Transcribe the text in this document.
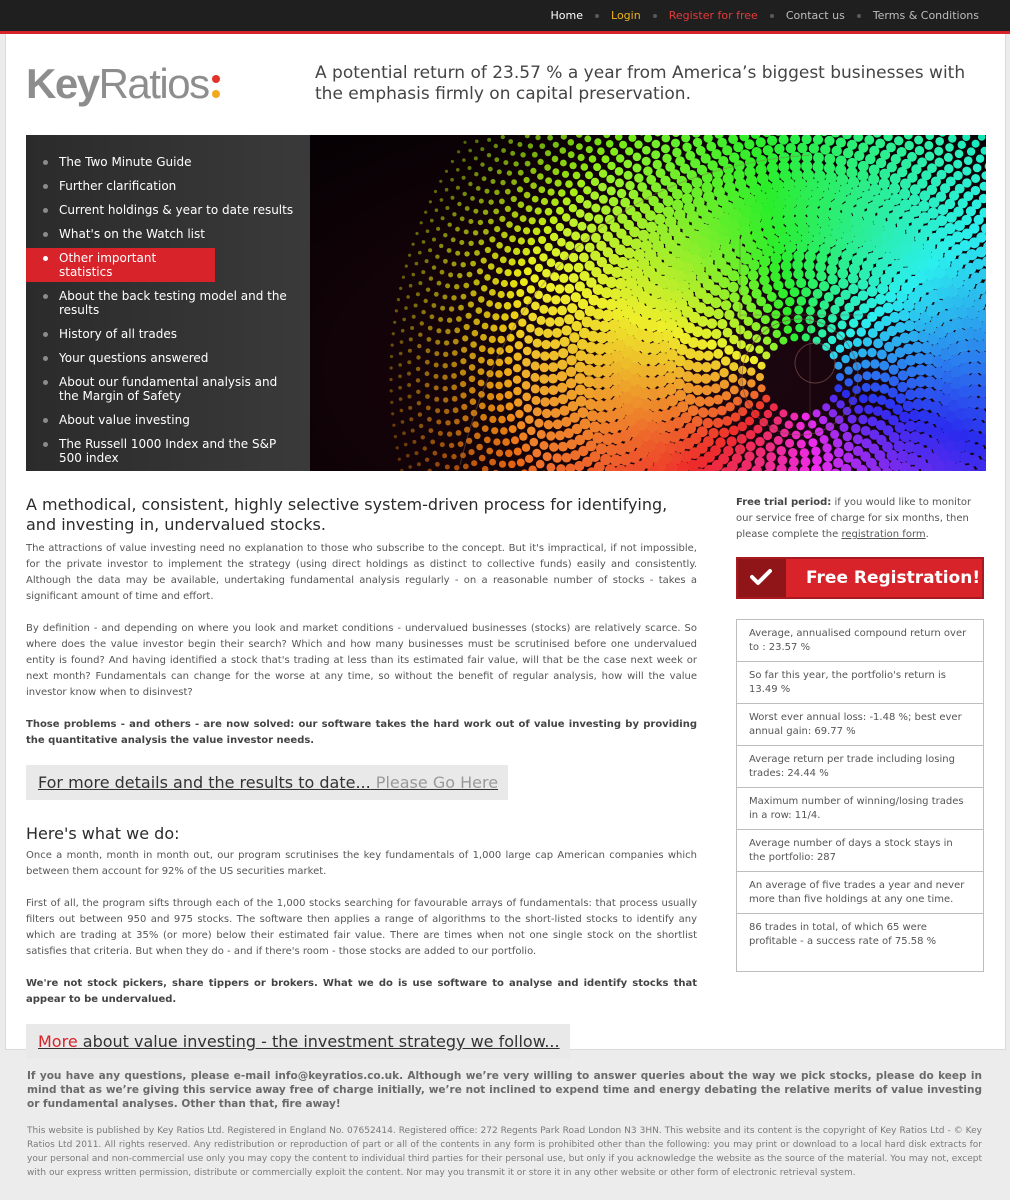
Home	Login	Register for free	Contact us	Terms & Conditions
KeyRatios	A potential return of 23.57 % a year from America’s biggest businesses with the emphasis firmly on capital preservation.
The Two Minute Guide
Further clarification
Current holdings & year to date results
What's on the Watch list
Other important statistics
About the back testing model and the results
History of all trades
Your questions answered
About our fundamental analysis and the Margin of Safety
About value investing
The Russell 1000 Index and the S&P 500 index
A methodical, consistent, highly selective system-driven process for identifying, and investing in, undervalued stocks.

The attractions of value investing need no explanation to those who subscribe to the concept. But it's impractical, if not impossible, for the private investor to implement the strategy (using direct holdings as distinct to collective funds) easily and consistently. Although the data may be available, undertaking fundamental analysis regularly - on a reasonable number of stocks - takes a significant amount of time and effort.

By definition - and depending on where you look and market conditions - undervalued businesses (stocks) are relatively scarce. So where does the value investor begin their search? Which and how many businesses must be scrutinised before one undervalued entity is found? And having identified a stock that's trading at less than its estimated fair value, will that be the case next week or next month? Fundamentals can change for the worse at any time, so without the benefit of regular analysis, how will the value investor know when to disinvest?

Those problems - and others - are now solved: our software takes the hard work out of value investing by providing the quantitative analysis the value investor needs.

For more details and the results to date... Please Go Here
Here's what we do:

Once a month, month in month out, our program scrutinises the key fundamentals of 1,000 large cap American companies which between them account for 92% of the US securities market.

First of all, the program sifts through each of the 1,000 stocks searching for favourable arrays of fundamentals: that process usually filters out between 950 and 975 stocks. The software then applies a range of algorithms to the short-listed stocks to identify any which are trading at 35% (or more) below their estimated fair value. There are times when not one single stock on the shortlist satisfies that criteria. But when they do - and if there's room - those stocks are added to our portfolio.

We're not stock pickers, share tippers or brokers. What we do is use software to analyse and identify stocks that appear to be undervalued.

More about value investing - the investment strategy we follow...
Free trial period: if you would like to monitor our service free of charge for six months, then please complete the registration form.
Free Registration!
Average, annualised compound return over to : 23.57 %
So far this year, the portfolio's return is 13.49 %
Worst ever annual loss: -1.48 %; best ever annual gain: 69.77 %
Average return per trade including losing trades: 24.44 %
Maximum number of winning/losing trades in a row: 11/4.
Average number of days a stock stays in the portfolio: 287
An average of five trades a year and never more than five holdings at any one time.
86 trades in total, of which 65 were profitable - a success rate of 75.58 %

If you have any questions, please e-mail info@keyratios.co.uk. Although we’re very willing to answer queries about the way we pick stocks, please do keep in mind that as we’re giving this service away free of charge initially, we’re not inclined to expend time and energy debating the relative merits of value investing or fundamental analyses. Other than that, fire away!

This website is published by Key Ratios Ltd. Registered in England No. 07652414. Registered office: 272 Regents Park Road London N3 3HN. This website and its content is the copyright of Key Ratios Ltd - © Key Ratios Ltd 2011. All rights reserved. Any redistribution or reproduction of part or all of the contents in any form is prohibited other than the following: you may print or download to a local hard disk extracts for your personal and non-commercial use only you may copy the content to individual third parties for their personal use, but only if you acknowledge the website as the source of the material. You may not, except with our express written permission, distribute or commercially exploit the content. Nor may you transmit it or store it in any other website or other form of electronic retrieval system.
